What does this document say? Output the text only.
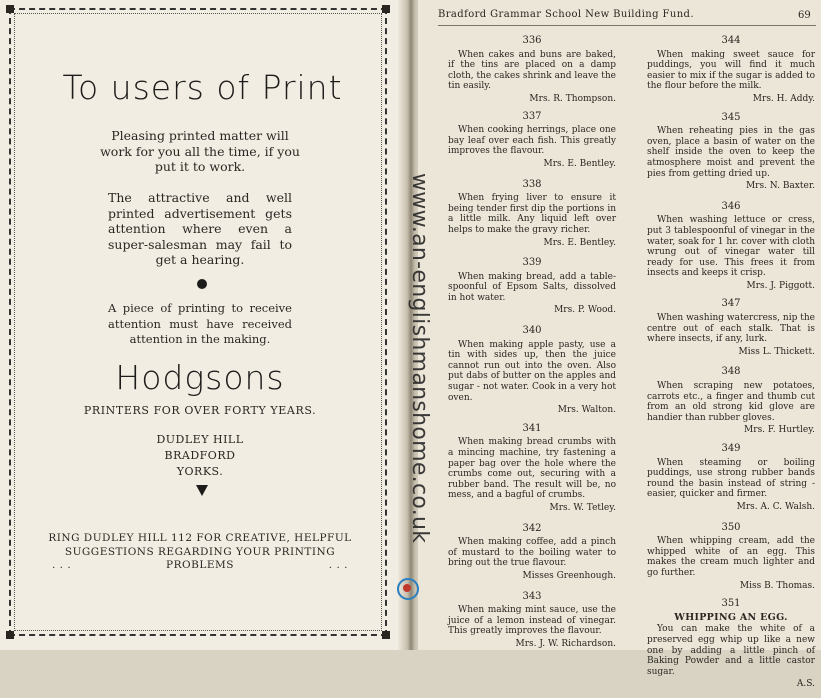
To users of Print
Pleasing printed matter will work for you all the time, if you put it to work.
The attractive and well printed advertisement gets attention where even a super-salesman may fail to get a hearing.
A piece of printing to receive attention must have received attention in the making.
Hodgsons
PRINTERS FOR OVER FORTY YEARS.
DUDLEY HILL
BRADFORD
YORKS.
RING DUDLEY HILL 112 FOR CREATIVE, HELPFUL
SUGGESTIONS REGARDING YOUR PRINTING
. . .	PROBLEMS	. . .
Bradford Grammar School New Building Fund.	69
336
When cakes and buns are baked, if the tins are placed on a damp cloth, the cakes shrink and leave the tin easily.
Mrs. R. Thompson.
337
When cooking herrings, place one bay leaf over each fish. This greatly improves the flavour.
Mrs. E. Bentley.
338
When frying liver to ensure it being tender first dip the portions in a little milk. Any liquid left over helps to make the gravy richer.
Mrs. E. Bentley.
339
When making bread, add a table-spoonful of Epsom Salts, dissolved in hot water.
Mrs. P. Wood.
340
When making apple pasty, use a tin with sides up, then the juice cannot run out into the oven. Also put dabs of butter on the apples and sugar - not water. Cook in a very hot oven.
Mrs. Walton.
341
When making bread crumbs with a mincing machine, try fastening a paper bag over the hole where the crumbs come out, securing with a rubber band. The result will be, no mess, and a bagful of crumbs.
Mrs. W. Tetley.
342
When making coffee, add a pinch of mustard to the boiling water to bring out the true flavour.
Misses Greenhough.
343
When making mint sauce, use the juice of a lemon instead of vinegar. This greatly improves the flavour.
Mrs. J. W. Richardson.
344
When making sweet sauce for puddings, you will find it much easier to mix if the sugar is added to the flour before the milk.
Mrs. H. Addy.
345
When reheating pies in the gas oven, place a basin of water on the shelf inside the oven to keep the atmosphere moist and prevent the pies from getting dried up.
Mrs. N. Baxter.
346
When washing lettuce or cress, put 3 tablespoonful of vinegar in the water, soak for 1 hr. cover with cloth wrung out of vinegar water till ready for use. This frees it from insects and keeps it crisp.
Mrs. J. Piggott.
347
When washing watercress, nip the centre out of each stalk. That is where insects, if any, lurk.
Miss L. Thickett.
348
When scraping new potatoes, carrots etc., a finger and thumb cut from an old strong kid glove are handier than rubber gloves.
Mrs. F. Hurtley.
349
When steaming or boiling puddings, use strong rubber bands round the basin instead of string - easier, quicker and firmer.
Mrs. A. C. Walsh.
350
When whipping cream, add the whipped white of an egg. This makes the cream much lighter and go further.
Miss B. Thomas.
351
WHIPPING AN EGG.
You can make the white of a preserved egg whip up like a new one by adding a little pinch of Baking Powder and a little castor sugar.
A.S.
www.an-englishmanshome.co.uk
